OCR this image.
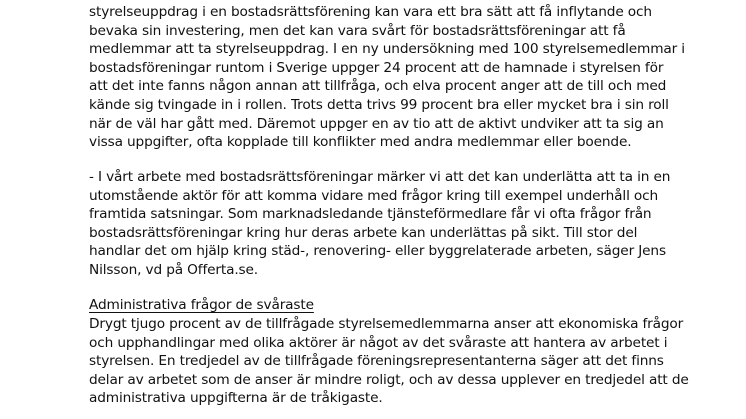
styrelseuppdrag i en bostadsrättsförening kan vara ett bra sätt att få inflytande och
bevaka sin investering, men det kan vara svårt för bostadsrättsföreningar att få
medlemmar att ta styrelseuppdrag. I en ny undersökning med 100 styrelsemedlemmar i
bostadsföreningar runtom i Sverige uppger 24 procent att de hamnade i styrelsen för
att det inte fanns någon annan att tillfråga, och elva procent anger att de till och med
kände sig tvingade in i rollen. Trots detta trivs 99 procent bra eller mycket bra i sin roll
när de väl har gått med. Däremot uppger en av tio att de aktivt undviker att ta sig an
vissa uppgifter, ofta kopplade till konflikter med andra medlemmar eller boende.
- I vårt arbete med bostadsrättsföreningar märker vi att det kan underlätta att ta in en
utomstående aktör för att komma vidare med frågor kring till exempel underhåll och
framtida satsningar. Som marknadsledande tjänsteförmedlare får vi ofta frågor från
bostadsrättsföreningar kring hur deras arbete kan underlättas på sikt. Till stor del
handlar det om hjälp kring städ-, renovering- eller byggrelaterade arbeten, säger Jens
Nilsson, vd på Offerta.se.
Administrativa frågor de svåraste
Drygt tjugo procent av de tillfrågade styrelsemedlemmarna anser att ekonomiska frågor
och upphandlingar med olika aktörer är något av det svåraste att hantera av arbetet i
styrelsen. En tredjedel av de tillfrågade föreningsrepresentanterna säger att det finns
delar av arbetet som de anser är mindre roligt, och av dessa upplever en tredjedel att de
administrativa uppgifterna är de tråkigaste.
